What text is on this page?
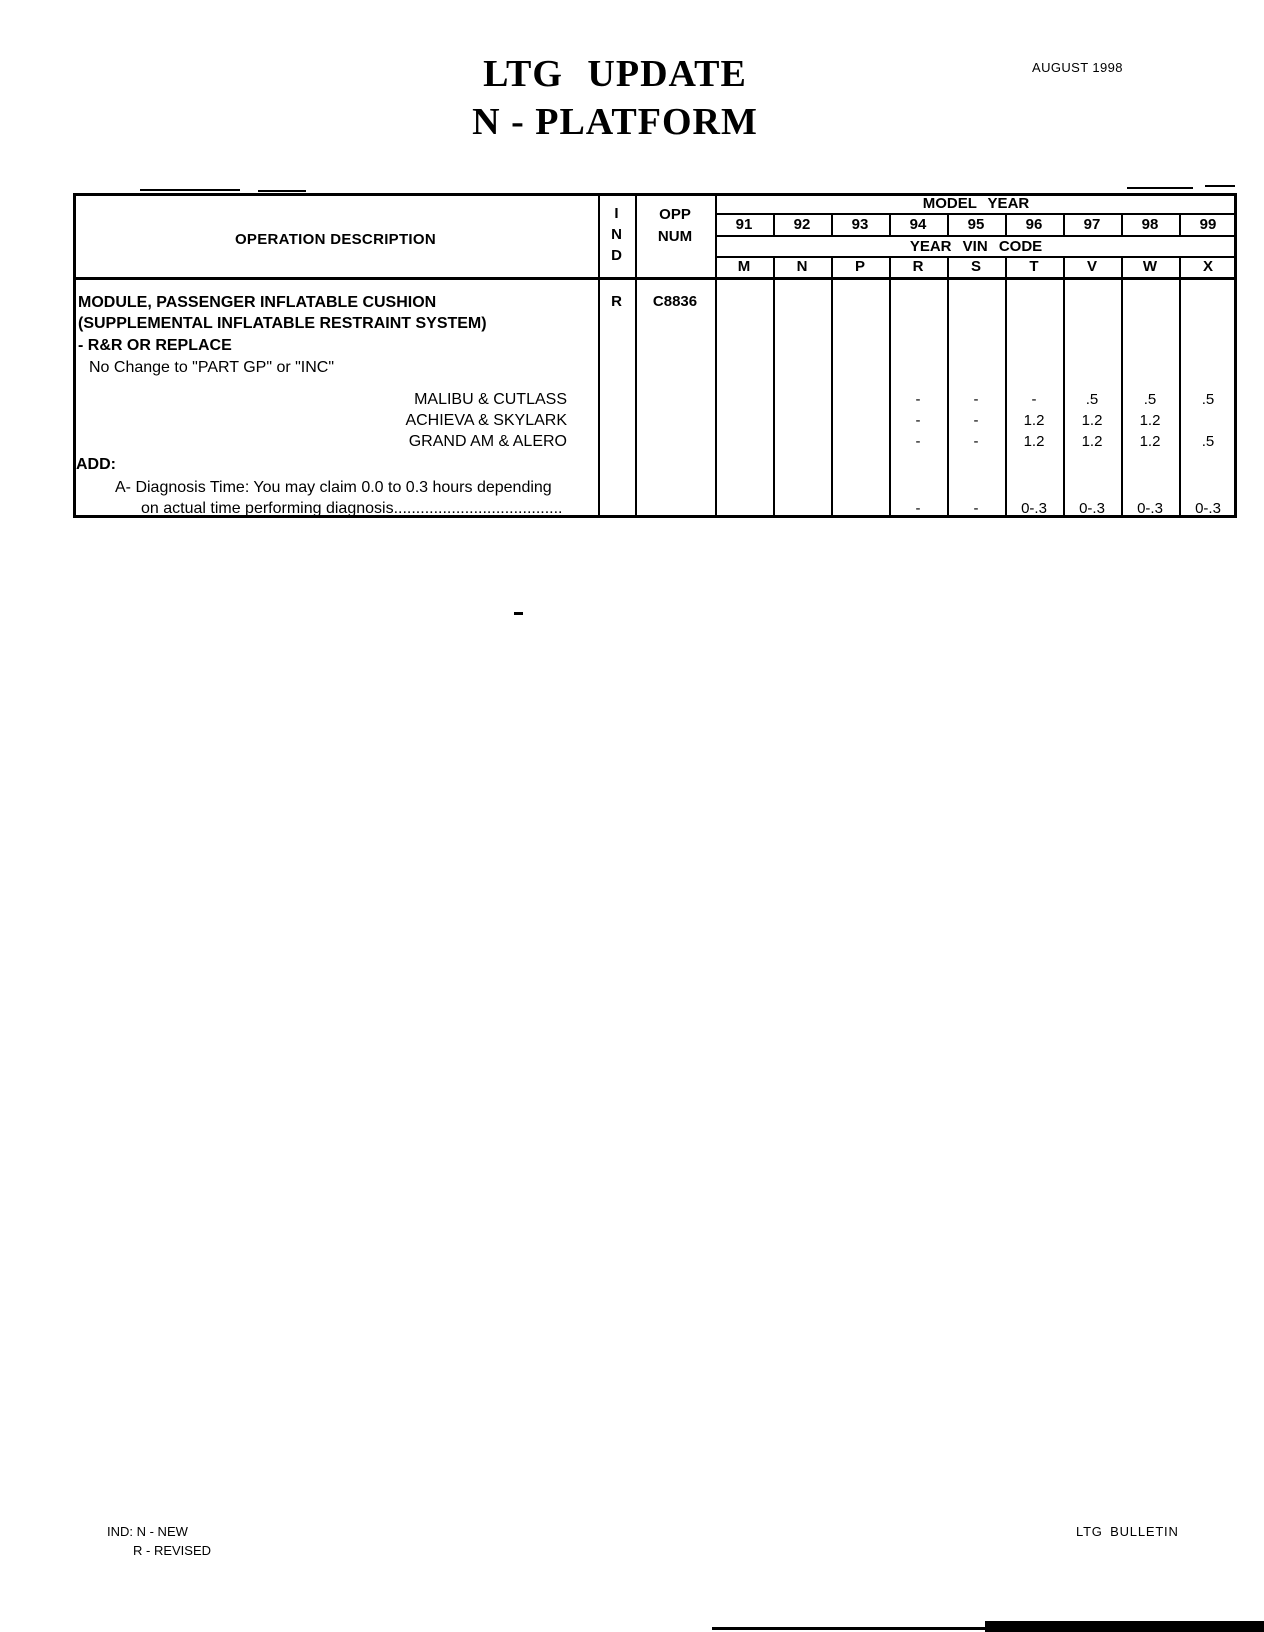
AUGUST 1998
LTG UPDATE
N - PLATFORM
OPERATION DESCRIPTION
I
N
D
OPP
NUM
MODEL YEAR
YEAR VIN CODE
91	92	93	94	95	96	97	98	99
M	N	P	R	S	T	V	W	X
MODULE, PASSENGER INFLATABLE CUSHION
(SUPPLEMENTAL INFLATABLE RESTRAINT SYSTEM)
- R&R OR REPLACE
No Change to "PART GP" or "INC"
R	C8836
MALIBU & CUTLASS	-	-	-	.5	.5	.5
ACHIEVA & SKYLARK	-	-	1.2	1.2	1.2
GRAND AM & ALERO	-	-	1.2	1.2	1.2	.5
ADD:
A- Diagnosis Time: You may claim 0.0 to 0.3 hours depending
on actual time performing diagnosis......................................	-	-	0-.3	0-.3	0-.3	0-.3
IND: N - NEW
R - REVISED
LTG BULLETIN
